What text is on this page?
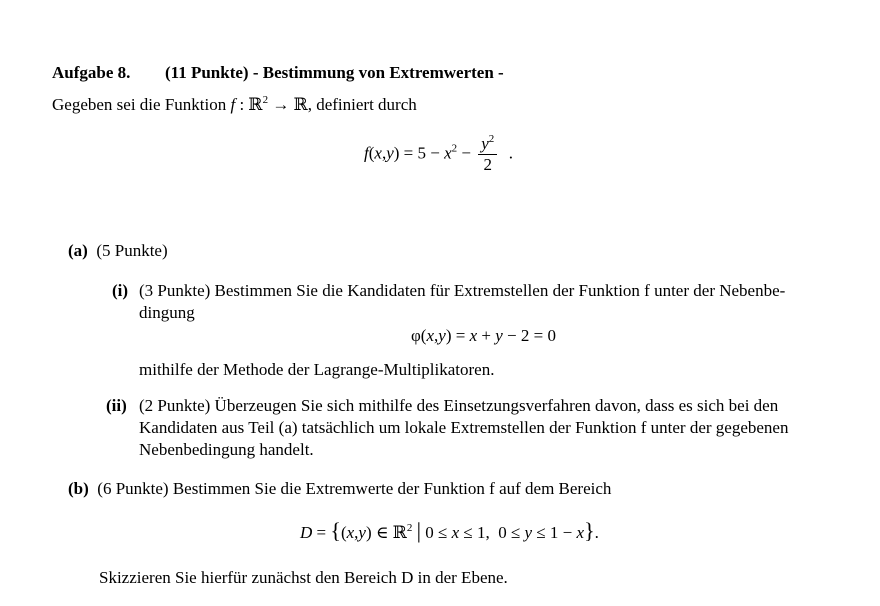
Aufgabe 8. (11 Punkte) - Bestimmung von Extremwerten -
Gegeben sei die Funktion f : ℝ$^2$ → ℝ, definiert durch
$f(x,y) = 5 - x^2 - \frac{y^2}{2}$ .
(a) (5 Punkte)
(i) (3 Punkte) Bestimmen Sie die Kandidaten für Extremstellen der Funktion f unter der Nebenbe-
dingung
φ(x,y) = x + y − 2 = 0
mithilfe der Methode der Lagrange-Multiplikatoren.
(ii) (2 Punkte) Überzeugen Sie sich mithilfe des Einsetzungsverfahren davon, dass es sich bei den
Kandidaten aus Teil (a) tatsächlich um lokale Extremstellen der Funktion f unter der gegebenen
Nebenbedingung handelt.
(b) (6 Punkte) Bestimmen Sie die Extremwerte der Funktion f auf dem Bereich
D = {(x,y) ∈ ℝ$^2$ | 0 ≤ x ≤ 1,  0 ≤ y ≤ 1 − x}.
Skizzieren Sie hierfür zunächst den Bereich D in der Ebene.
